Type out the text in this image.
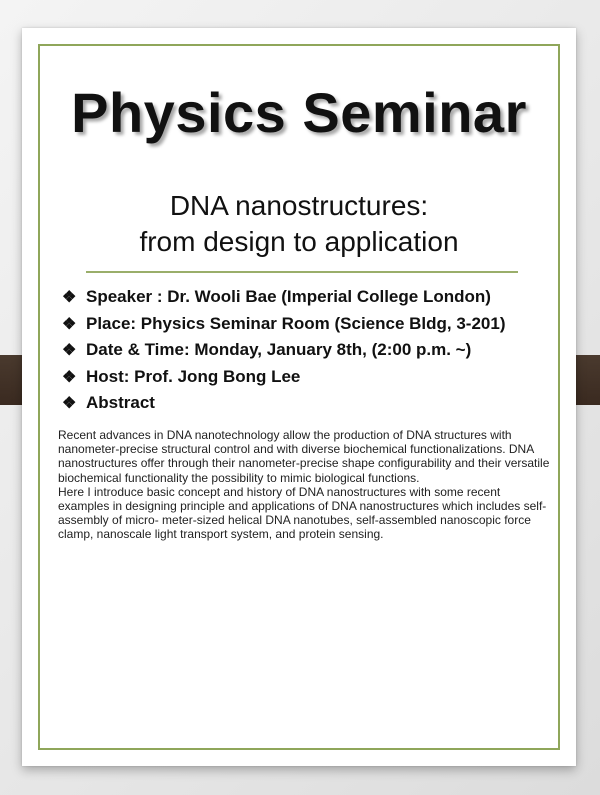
Physics Seminar
DNA nanostructures:
from design to application
❖ Speaker : Dr. Wooli Bae (Imperial College London)
❖ Place: Physics Seminar Room (Science Bldg, 3-201)
❖ Date & Time: Monday, January 8th, (2:00 p.m. ~)
❖ Host: Prof. Jong Bong Lee
❖ Abstract

Recent advances in DNA nanotechnology allow the production of DNA structures with nanometer-precise structural control and with diverse biochemical functionalizations. DNA nanostructures offer through their nanometer-precise shape configurability and their versatile biochemical functionality the possibility to mimic biological functions.

Here I introduce basic concept and history of DNA nanostructures with some recent examples in designing principle and applications of DNA nanostructures which includes self-assembly of micro- meter-sized helical DNA nanotubes, self-assembled nanoscopic force clamp, nanoscale light transport system, and protein sensing.
